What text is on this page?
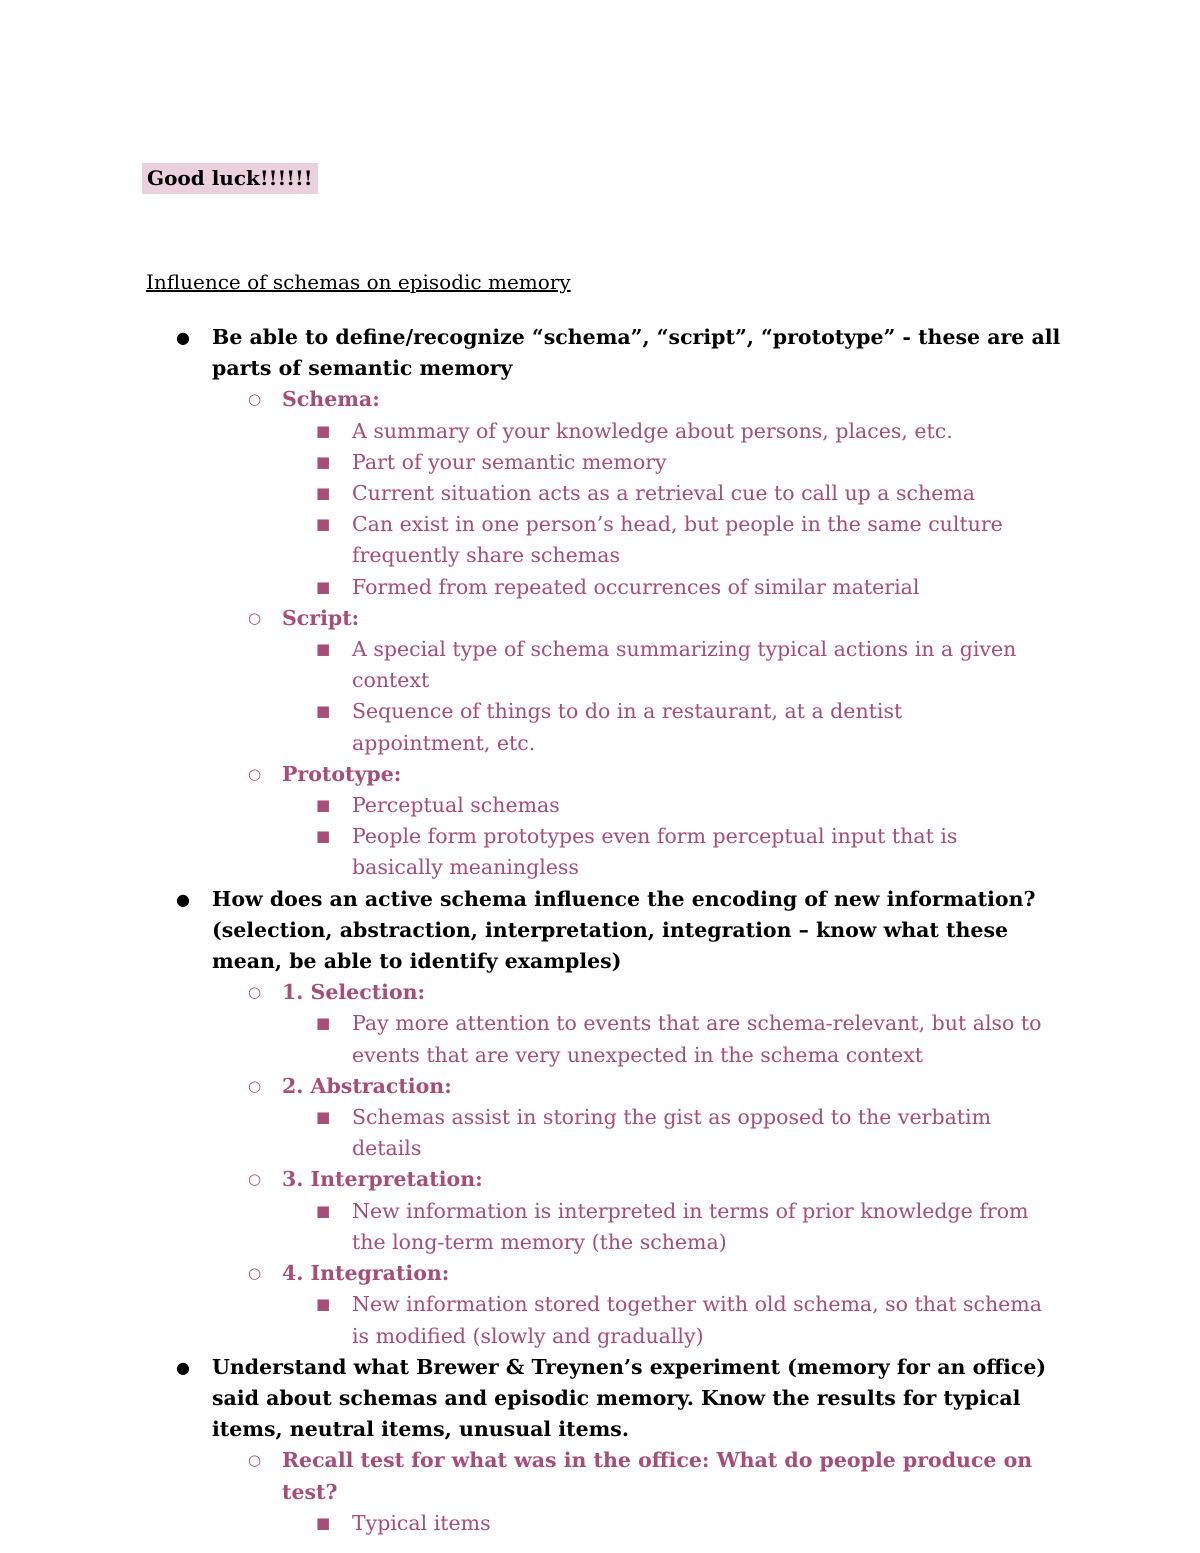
Good luck!!!!!!
Influence of schemas on episodic memory
● Be able to define/recognize “schema”, “script”, “prototype” - these are all parts of semantic memory
○ Schema:
■ A summary of your knowledge about persons, places, etc.
■ Part of your semantic memory
■ Current situation acts as a retrieval cue to call up a schema
■ Can exist in one person’s head, but people in the same culture frequently share schemas
■ Formed from repeated occurrences of similar material
○ Script:
■ A special type of schema summarizing typical actions in a given context
■ Sequence of things to do in a restaurant, at a dentist appointment, etc.
○ Prototype:
■ Perceptual schemas
■ People form prototypes even form perceptual input that is basically meaningless
● How does an active schema influence the encoding of new information? (selection, abstraction, interpretation, integration – know what these mean, be able to identify examples)
○ 1. Selection:
■ Pay more attention to events that are schema-relevant, but also to events that are very unexpected in the schema context
○ 2. Abstraction:
■ Schemas assist in storing the gist as opposed to the verbatim details
○ 3. Interpretation:
■ New information is interpreted in terms of prior knowledge from the long-term memory (the schema)
○ 4. Integration:
■ New information stored together with old schema, so that schema is modified (slowly and gradually)
● Understand what Brewer & Treynen’s experiment (memory for an office) said about schemas and episodic memory. Know the results for typical items, neutral items, unusual items.
○ Recall test for what was in the office: What do people produce on test?
■ Typical items
